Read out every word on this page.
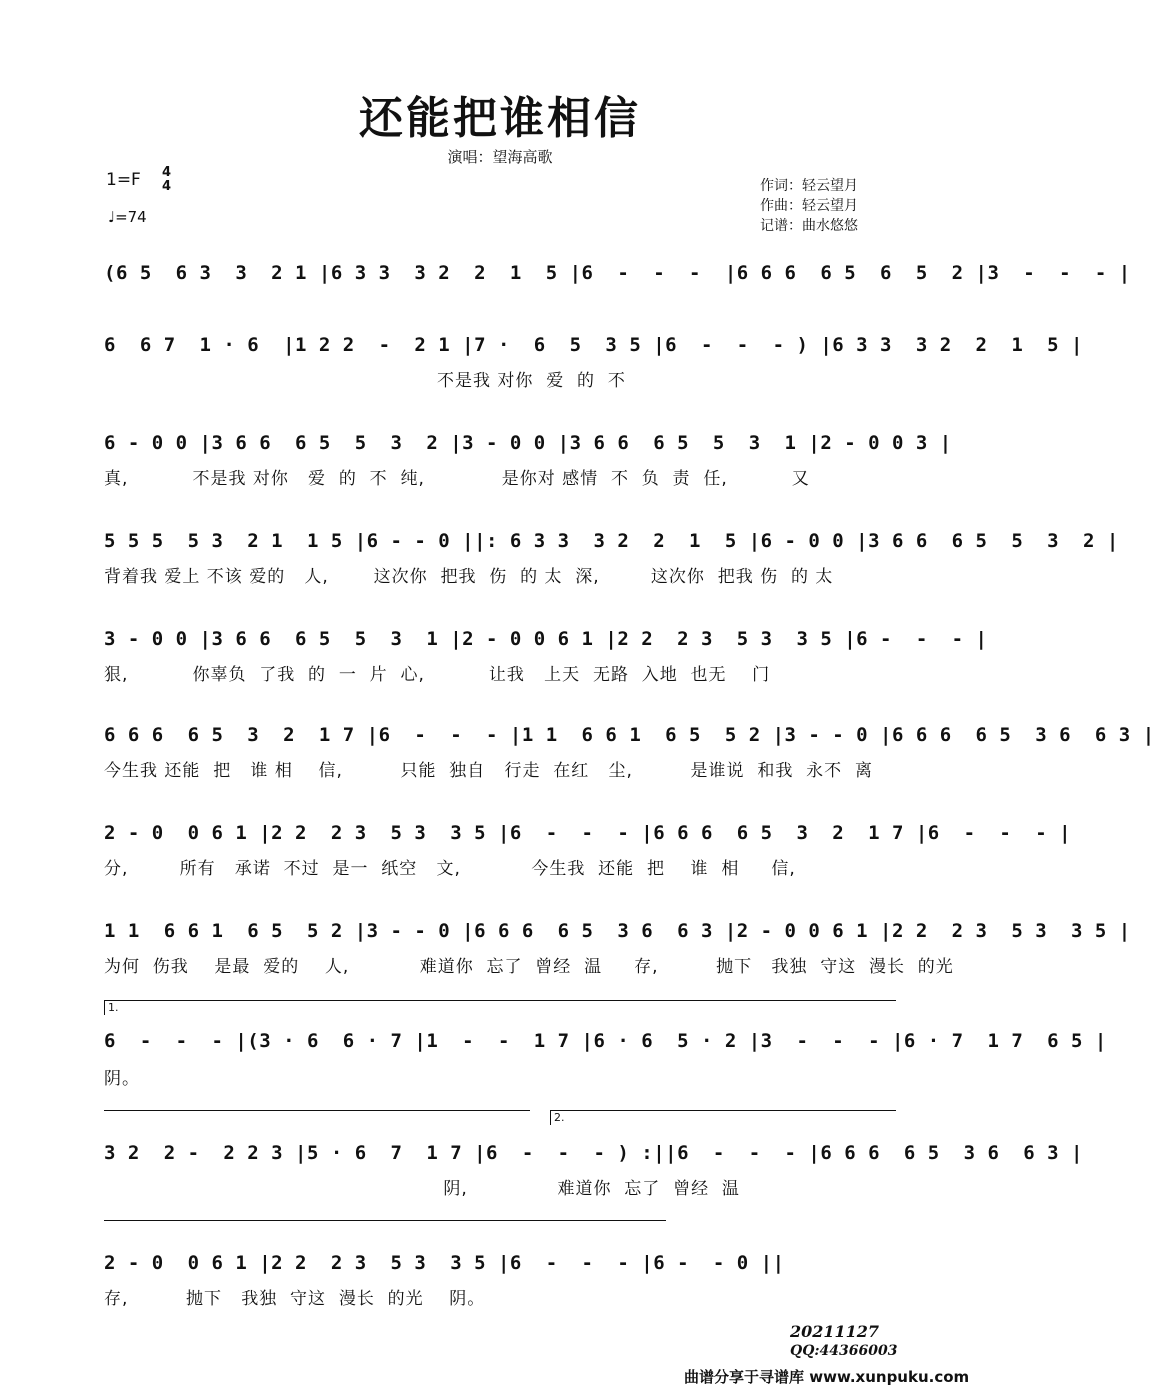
还能把谁相信
演唱：望海高歌
1=F 4
4
♩=74
作词：轻云望月
作曲：轻云望月
记谱：曲水悠悠
1.
2.
(6 5  6 3  3  2 1 |6 3 3  3 2  2  1  5 |6  -  -  -  |6 6 6  6 5  6  5  2 |3  -  -  - |
6  6 7  1 · 6  |1 2 2  -  2 1 |7 ·  6  5  3 5 |6  -  -  - ) |6 3 3  3 2  2  1  5 |
不是我 对你  爱  的  不
6 - 0 0 |3 6 6  6 5  5  3  2 |3 - 0 0 |3 6 6  6 5  5  3  1 |2 - 0 0 3 |
真,          不是我 对你   爱  的  不  纯,            是你对 感情  不  负  责  任,          又
5 5 5  5 3  2 1  1 5 |6 - - 0 ||: 6 3 3  3 2  2  1  5 |6 - 0 0 |3 6 6  6 5  5  3  2 |
背着我 爱上 不该 爱的   人,       这次你  把我  伤  的 太  深,        这次你  把我 伤  的 太
3 - 0 0 |3 6 6  6 5  5  3  1 |2 - 0 0 6 1 |2 2  2 3  5 3  3 5 |6 -  -  - |
狠,          你辜负  了我  的  一  片  心,          让我   上天  无路  入地  也无    门
6 6 6  6 5  3  2  1 7 |6  -  -  - |1 1  6 6 1  6 5  5 2 |3 - - 0 |6 6 6  6 5  3 6  6 3 |
今生我 还能  把   谁 相    信,         只能  独自   行走  在红   尘,         是谁说  和我  永不  离
2 - 0  0 6 1 |2 2  2 3  5 3  3 5 |6  -  -  - |6 6 6  6 5  3  2  1 7 |6  -  -  - |
分,        所有   承诺  不过  是一  纸空   文,           今生我  还能  把    谁  相     信,
1 1  6 6 1  6 5  5 2 |3 - - 0 |6 6 6  6 5  3 6  6 3 |2 - 0 0 6 1 |2 2  2 3  5 3  3 5 |
为何  伤我    是最  爱的    人,           难道你  忘了  曾经  温     存,         抛下   我独  守这  漫长  的光
6  -  -  - |(3 · 6  6 · 7 |1  -  -  1 7 |6 · 6  5 · 2 |3  -  -  - |6 · 7  1 7  6 5 |
阴。
3 2  2 -  2 2 3 |5 · 6  7  1 7 |6  -  -  - ) :||6  -  -  - |6 6 6  6 5  3 6  6 3 |
阴,              难道你  忘了  曾经  温
2 - 0  0 6 1 |2 2  2 3  5 3  3 5 |6  -  -  - |6 -  - 0 ||
存,         抛下   我独  守这  漫长  的光    阴。
20211127
QQ:44366003
曲谱分享于寻谱库 www.xunpuku.com
